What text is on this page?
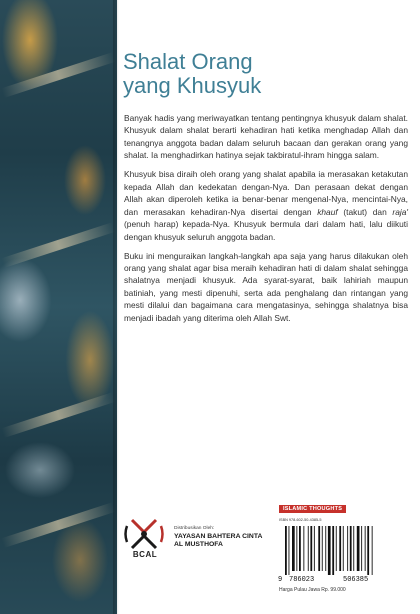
Shalat Orang
yang Khusyuk

Banyak hadis yang meriwayatkan tentang pentingnya khusyuk dalam shalat. Khusyuk dalam shalat berarti kehadiran hati ketika menghadap Allah dan tenangnya anggota badan dalam seluruh bacaan dan gerakan orang yang shalat. Ia menghadirkan hatinya sejak takbiratul-ihram hingga salam.

Khusyuk bisa diraih oleh orang yang shalat apabila ia merasakan ketakutan kepada Allah dan kedekatan dengan-Nya. Dan perasaan dekat dengan Allah akan diperoleh ketika ia benar-benar mengenal-Nya, mencintai-Nya, dan merasakan kehadiran-Nya disertai dengan khauf (takut) dan raja' (penuh harap) kepada-Nya. Khusyuk bermula dari dalam hati, lalu diikuti dengan khusyuk seluruh anggota badan.

Buku ini menguraikan langkah-langkah apa saja yang harus dilakukan oleh orang yang shalat agar bisa meraih kehadiran hati di dalam shalat sehingga shalatnya menjadi khusyuk. Ada syarat-syarat, baik lahiriah maupun batiniah, yang mesti dipenuhi, serta ada penghalang dan rintangan yang mesti dilalui dan bagaimana cara mengatasinya, sehingga shalatnya bisa menjadi ibadah yang diterima oleh Allah Swt.

BCAL
Distribusikan Oleh:
YAYASAN BAHTERA CINTA
AL MUSTHOFA
ISLAMIC THOUGHTS
ISBN 978-602-50-4385-5
9 786023	506385
Harga Pulau Jawa Rp. 99.000
